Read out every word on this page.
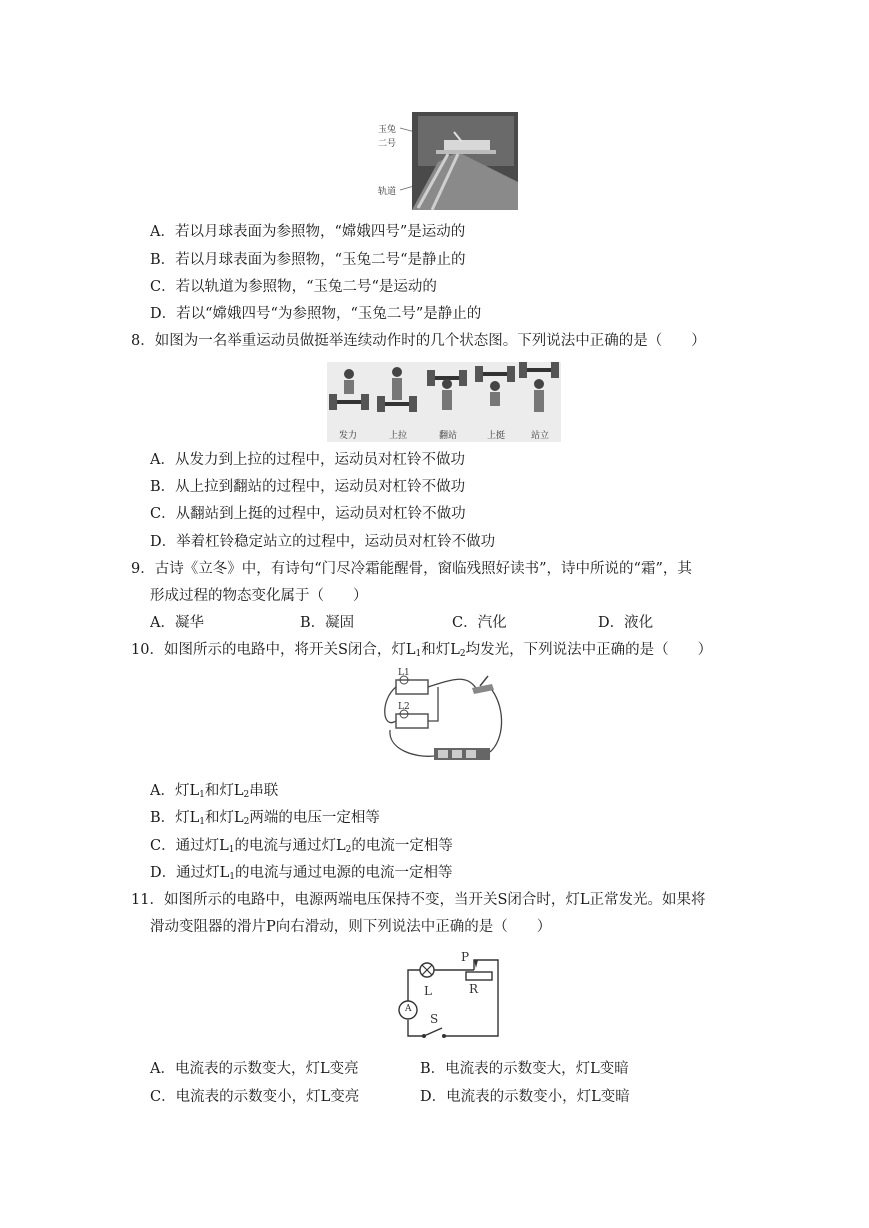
玉兔
二号
轨道
A．若以月球表面为参照物，“嫦娥四号”是运动的
B．若以月球表面为参照物，“玉兔二号“是静止的
C．若以轨道为参照物，“玉兔二号“是运动的
D．若以“嫦娥四号“为参照物，“玉兔二号”是静止的
8．如图为一名举重运动员做挺举连续动作时的几个状态图。下列说法中正确的是（　　）
发力	上拉	翻站	上挺	站立
A．从发力到上拉的过程中，运动员对杠铃不做功
B．从上拉到翻站的过程中，运动员对杠铃不做功
C．从翻站到上挺的过程中，运动员对杠铃不做功
D．举着杠铃稳定站立的过程中，运动员对杠铃不做功
9．古诗《立冬》中，有诗句“门尽冷霜能醒骨，窗临残照好读书”，诗中所说的“霜”，其
形成过程的物态变化属于（　　）
A．凝华	B．凝固	C．汽化	D．液化
10．如图所示的电路中，将开关S闭合，灯$L_1$和灯$L_2$均发光，下列说法中正确的是（　　）
L1
L2
A．灯$L_1$和灯$L_2$串联
B．灯$L_1$和灯$L_2$两端的电压一定相等
C．通过灯$L_1$的电流与通过灯$L_2$的电流一定相等
D．通过灯$L_1$的电流与通过电源的电流一定相等
11．如图所示的电路中，电源两端电压保持不变，当开关S闭合时，灯L正常发光。如果将
滑动变阻器的滑片P向右滑动，则下列说法中正确的是（　　）
P
R
L
S
A
A．电流表的示数变大，灯L变亮	B．电流表的示数变大，灯L变暗
C．电流表的示数变小，灯L变亮	D．电流表的示数变小，灯L变暗
